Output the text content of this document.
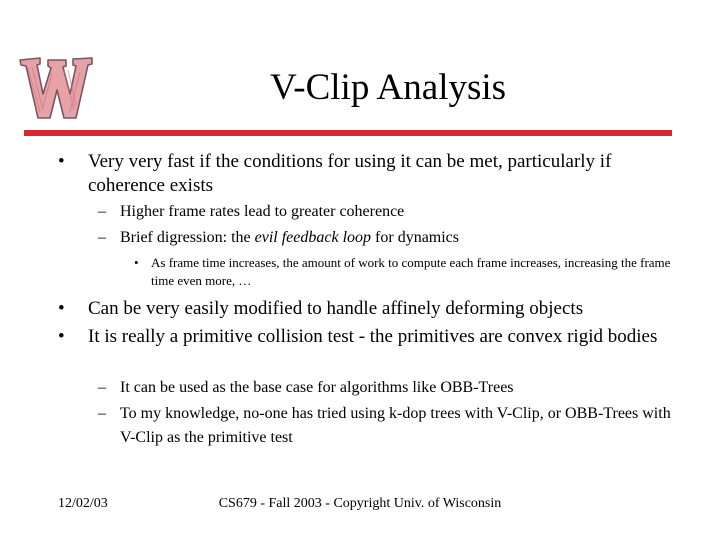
V-Clip Analysis
• Very very fast if the conditions for using it can be met, particularly if coherence exists
– Higher frame rates lead to greater coherence
– Brief digression: the evil feedback loop for dynamics
• As frame time increases, the amount of work to compute each frame increases, increasing the frame time even more, …
• Can be very easily modified to handle affinely deforming objects
• It is really a primitive collision test - the primitives are convex rigid bodies
– It can be used as the base case for algorithms like OBB-Trees
– To my knowledge, no-one has tried using k-dop trees with V-Clip, or OBB-Trees with V-Clip as the primitive test
12/02/03	CS679 - Fall 2003 - Copyright Univ. of Wisconsin
